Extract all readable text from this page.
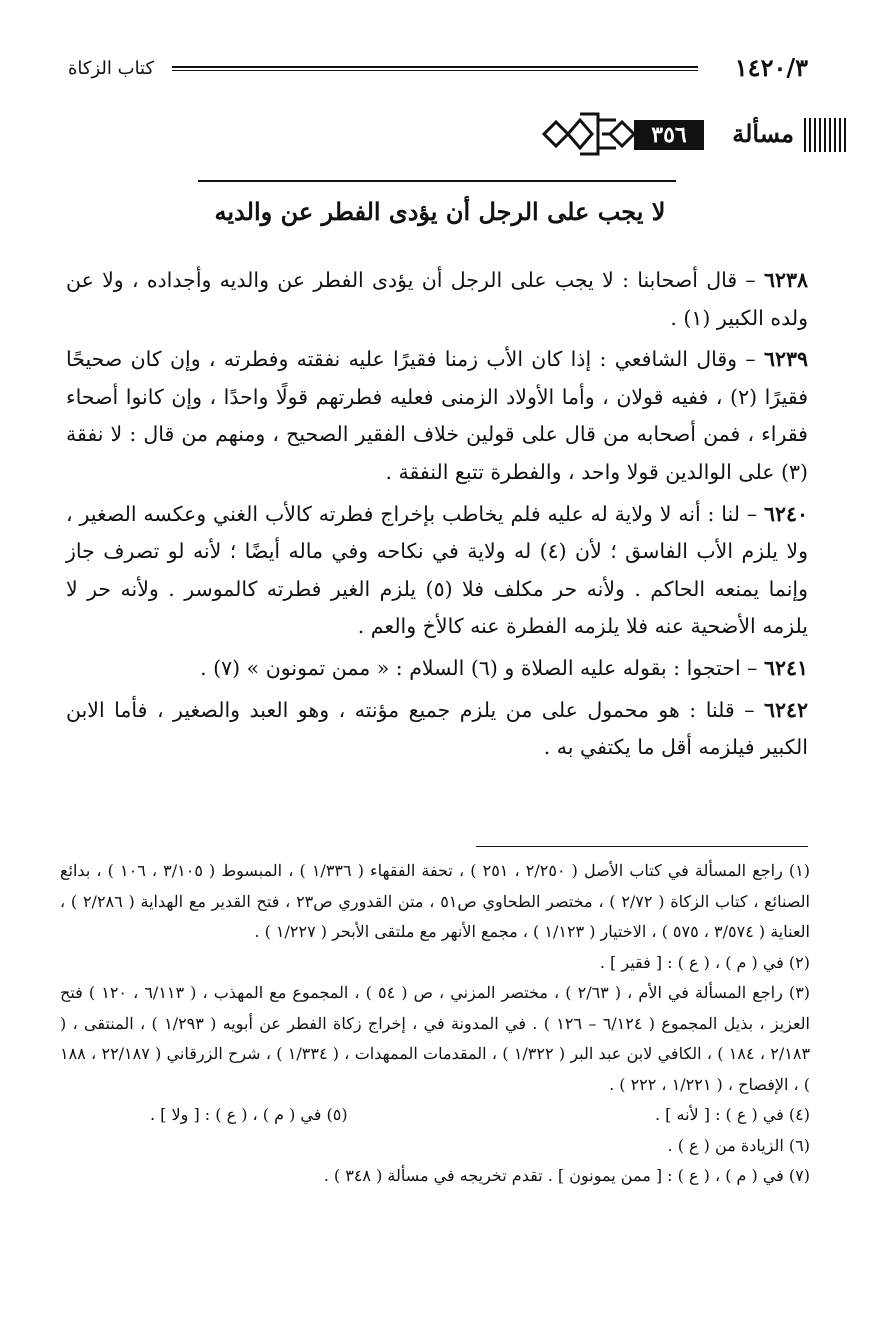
١٤٢٠/٣
كتاب الزكاة
مسألة
٣٥٦
لا يجب على الرجل أن يؤدى الفطر عن والديه

٦٢٣٨ – قال أصحابنا : لا يجب على الرجل أن يؤدى الفطر عن والديه وأجداده ، ولا عن ولده الكبير (١) .

٦٢٣٩ – وقال الشافعي : إذا كان الأب زمنا فقيرًا عليه نفقته وفطرته ، وإن كان صحيحًا فقيرًا (٢) ، ففيه قولان ، وأما الأولاد الزمنى فعليه فطرتهم قولًا واحدًا ، وإن كانوا أصحاء فقراء ، فمن أصحابه من قال على قولين خلاف الفقير الصحيح ، ومنهم من قال : لا نفقة (٣) على الوالدين قولا واحد ، والفطرة تتبع النفقة .

٦٢٤٠ – لنا : أنه لا ولاية له عليه فلم يخاطب بإخراج فطرته كالأب الغني وعكسه الصغير ، ولا يلزم الأب الفاسق ؛ لأن (٤) له ولاية في نكاحه وفي ماله أيضًا ؛ لأنه لو تصرف جاز وإنما يمنعه الحاكم . ولأنه حر مكلف فلا (٥) يلزم الغير فطرته كالموسر . ولأنه حر لا يلزمه الأضحية عنه فلا يلزمه الفطرة عنه كالأخ والعم .

٦٢٤١ – احتجوا : بقوله عليه الصلاة و (٦) السلام : « ممن تمونون » (٧) .

٦٢٤٢ – قلنا : هو محمول على من يلزم جميع مؤنته ، وهو العبد والصغير ، فأما الابن الكبير فيلزمه أقل ما يكتفي به .

(١) راجع المسألة في كتاب الأصل ( ٢/٢٥٠ ، ٢٥١ ) ، تحفة الفقهاء ( ١/٣٣٦ ) ، المبسوط ( ٣/١٠٥ ، ١٠٦ ) ، بدائع الصنائع ، كتاب الزكاة ( ٢/٧٢ ) ، مختصر الطحاوي ص٥١ ، متن القدوري ص٢٣ ، فتح القدير مع الهداية ( ٢/٢٨٦ ) ، العناية ( ٣/٥٧٤ ، ٥٧٥ ) ، الاختيار ( ١/١٢٣ ) ، مجمع الأنهر مع ملتقى الأبحر ( ١/٢٢٧ ) .

(٢) في ( م ) ، ( ع ) : [ فقير ] .

(٣) راجع المسألة في الأم ، ( ٢/٦٣ ) ، مختصر المزني ، ص ( ٥٤ ) ، المجموع مع المهذب ، ( ٦/١١٣ ، ١٢٠ ) فتح العزيز ، بذيل المجموع ( ٦/١٢٤ – ١٢٦ ) . في المدونة في ، إخراج زكاة الفطر عن أبويه ( ١/٢٩٣ ) ، المنتقى ، ( ٢/١٨٣ ، ١٨٤ ) ، الكافي لابن عبد البر ( ١/٣٢٢ ) ، المقدمات الممهدات ، ( ١/٣٣٤ ) ، شرح الزرقاني ( ٢٢/١٨٧ ، ١٨٨ ) ، الإفصاح ، ( ١/٢٢١ ، ٢٢٢ ) .

(٤) في ( ع ) : [ لأنه ] .
(٥) في ( م ) ، ( ع ) : [ ولا ] .

(٦) الزيادة من ( ع ) .

(٧) في ( م ) ، ( ع ) : [ ممن يمونون ] . تقدم تخريجه في مسألة ( ٣٤٨ ) .
